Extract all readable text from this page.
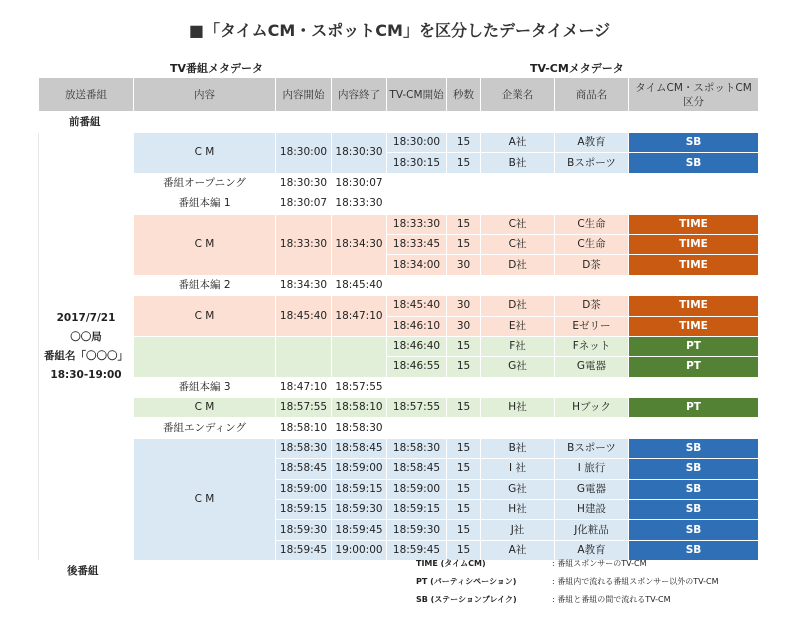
■「タイムCM・スポットCM」を区分したデータイメージ
TV番組メタデータ	TV-CMメタデータ
放送番組	内容	内容開始	内容終了	TV-CM開始	秒数	企業名	商品名	タイムCM・スポットCM
区分
前番組								

2017/7/21
〇〇局
番組名「〇〇〇」
18:30-19:00	C M	18:30:00	18:30:30	18:30:00	15	A社	A教育	SB
				18:30:15	15	B社	Bスポーツ	SB
	番組オープニング	18:30:30	18:30:07					
	番組本編 1	18:30:07	18:33:30					
	C M	18:33:30	18:34:30	18:33:30	15	C社	C生命	TIME
				18:33:45	15	C社	C生命	TIME
				18:34:00	30	D社	D茶	TIME
	番組本編 2	18:34:30	18:45:40					
	C M	18:45:40	18:47:10	18:45:40	30	D社	D茶	TIME
				18:46:10	30	E社	Eゼリー	TIME
				18:46:40	15	F社	Fネット	PT
				18:46:55	15	G社	G電器	PT
	番組本編 3	18:47:10	18:57:55					
	C M	18:57:55	18:58:10	18:57:55	15	H社	Hブック	PT
	番組エンディング	18:58:10	18:58:30					
	C M	18:58:30	18:58:45	18:58:30	15	B社	Bスポーツ	SB
		18:58:45	18:59:00	18:58:45	15	I 社	I 旅行	SB
		18:59:00	18:59:15	18:59:00	15	G社	G電器	SB
		18:59:15	18:59:30	18:59:15	15	H社	H建設	SB
		18:59:30	18:59:45	18:59:30	15	J社	J化粧品	SB
		18:59:45	19:00:00	18:59:45	15	A社	A教育	SB
後番組								
TIME (タイムCM)	: 番組スポンサーのTV-CM
PT (パーティシペーション)	: 番組内で流れる番組スポンサー以外のTV-CM
SB (ステーションブレイク)	: 番組と番組の間で流れるTV-CM
